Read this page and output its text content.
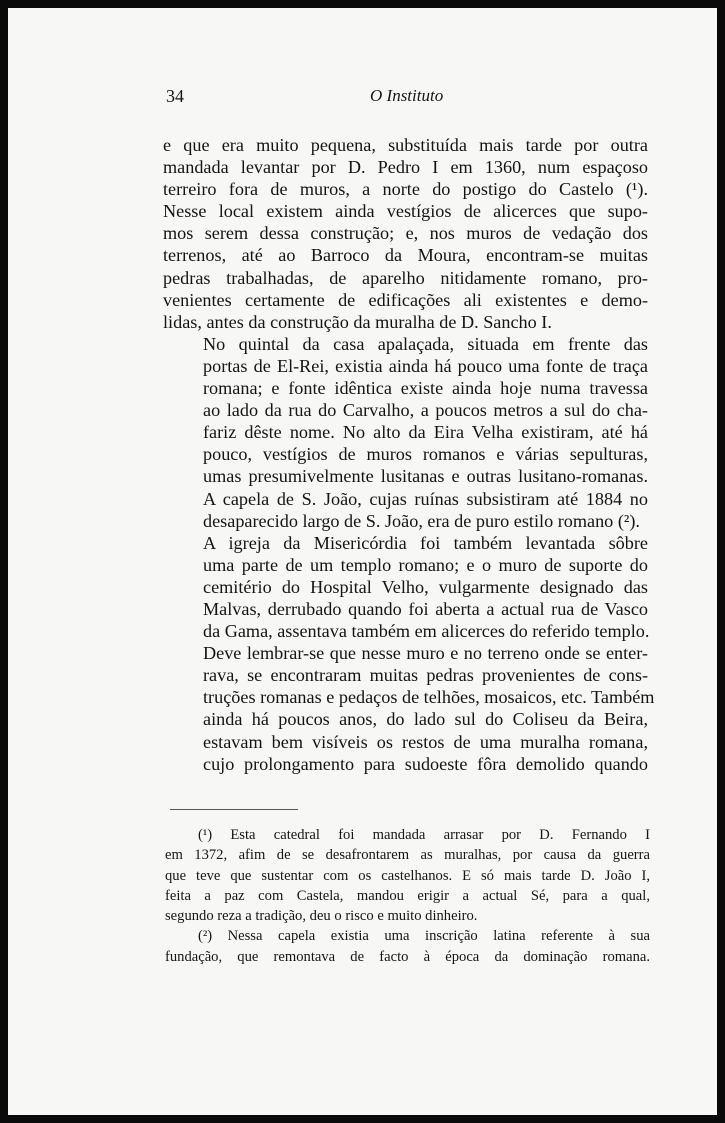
34	O Instituto

e que era muito pequena, substituída mais tarde por outra
mandada levantar por D. Pedro I em 1360, num espaçoso
terreiro fora de muros, a norte do postigo do Castelo (¹).
Nesse local existem ainda vestígios de alicerces que supo-
mos serem dessa construção; e, nos muros de vedação dos
terrenos, até ao Barroco da Moura, encontram-se muitas
pedras trabalhadas, de aparelho nitidamente romano, pro-
venientes certamente de edificações ali existentes e demo-
lidas, antes da construção da muralha de D. Sancho I.

No quintal da casa apalaçada, situada em frente das
portas de El-Rei, existia ainda há pouco uma fonte de traça
romana; e fonte idêntica existe ainda hoje numa travessa
ao lado da rua do Carvalho, a poucos metros a sul do cha-
fariz dêste nome. No alto da Eira Velha existiram, até há
pouco, vestígios de muros romanos e várias sepulturas,
umas presumivelmente lusitanas e outras lusitano-romanas.
A capela de S. João, cujas ruínas subsistiram até 1884 no
desaparecido largo de S. João, era de puro estilo romano (²).

A igreja da Misericórdia foi também levantada sôbre
uma parte de um templo romano; e o muro de suporte do
cemitério do Hospital Velho, vulgarmente designado das
Malvas, derrubado quando foi aberta a actual rua de Vasco
da Gama, assentava também em alicerces do referido templo.
Deve lembrar-se que nesse muro e no terreno onde se enter-
rava, se encontraram muitas pedras provenientes de cons-
truções romanas e pedaços de telhões, mosaicos, etc. Também
ainda há poucos anos, do lado sul do Coliseu da Beira,
estavam bem visíveis os restos de uma muralha romana,
cujo prolongamento para sudoeste fôra demolido quando

(¹) Esta catedral foi mandada arrasar por D. Fernando I
em 1372, afim de se desafrontarem as muralhas, por causa da guerra
que teve que sustentar com os castelhanos. E só mais tarde D. João I,
feita a paz com Castela, mandou erigir a actual Sé, para a qual,
segundo reza a tradição, deu o risco e muito dinheiro.
(²) Nessa capela existia uma inscrição latina referente à sua
fundação, que remontava de facto à época da dominação romana.
